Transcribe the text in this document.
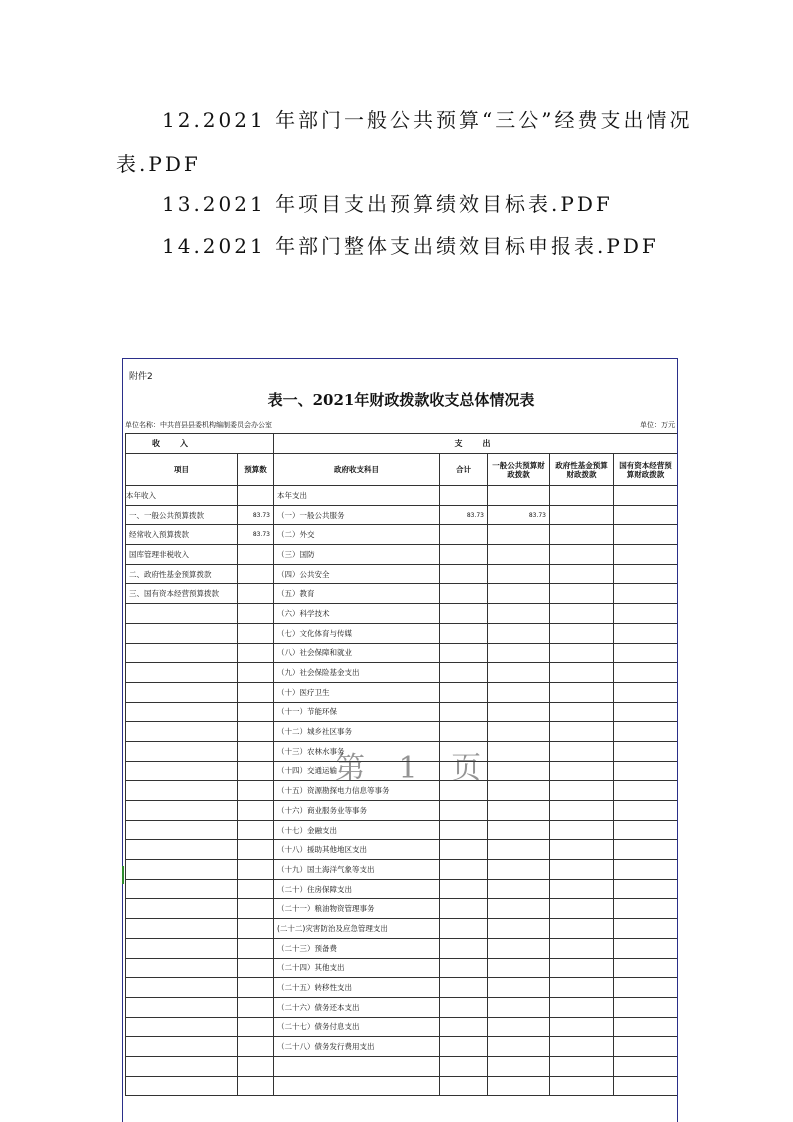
12.2021 年部门一般公共预算“三公”经费支出情况
表.PDF
13.2021 年项目支出预算绩效目标表.PDF
14.2021 年部门整体支出绩效目标申报表.PDF
附件2
表一、2021年财政拨款收支总体情况表
单位名称：中共莒县县委机构编制委员会办公室	单位：万元
收　入		支　出				
项目	预算数	政府收支科目	合计	一般公共预算财政拨款	政府性基金预算财政拨款	国有资本经营预算财政拨款
本年收入		本年支出				
一、一般公共预算拨款	83.73	（一）一般公共服务	83.73	83.73		
经常收入预算拨款	83.73	（二）外交				
国库管理非税收入		（三）国防				
二、政府性基金预算拨款		（四）公共安全				
三、国有资本经营预算拨款		（五）教育				
		（六）科学技术				
		（七）文化体育与传媒				
		（八）社会保障和就业				
		（九）社会保险基金支出				
		（十）医疗卫生				
		（十一）节能环保				
		（十二）城乡社区事务				
		（十三）农林水事务				
		（十四）交通运输				
		（十五）资源勘探电力信息等事务				
		（十六）商业服务业等事务				
		（十七）金融支出				
		（十八）援助其他地区支出				
		（十九）国土海洋气象等支出				
		（二十）住房保障支出				
		（二十一）粮油物资管理事务				
		(二十二)灾害防治及应急管理支出				
		（二十三）预备费				
		（二十四）其他支出				
		（二十五）转移性支出				
		（二十六）债务还本支出				
		（二十七）债务付息支出				
		（二十八）债务发行费用支出				

第 1 页
